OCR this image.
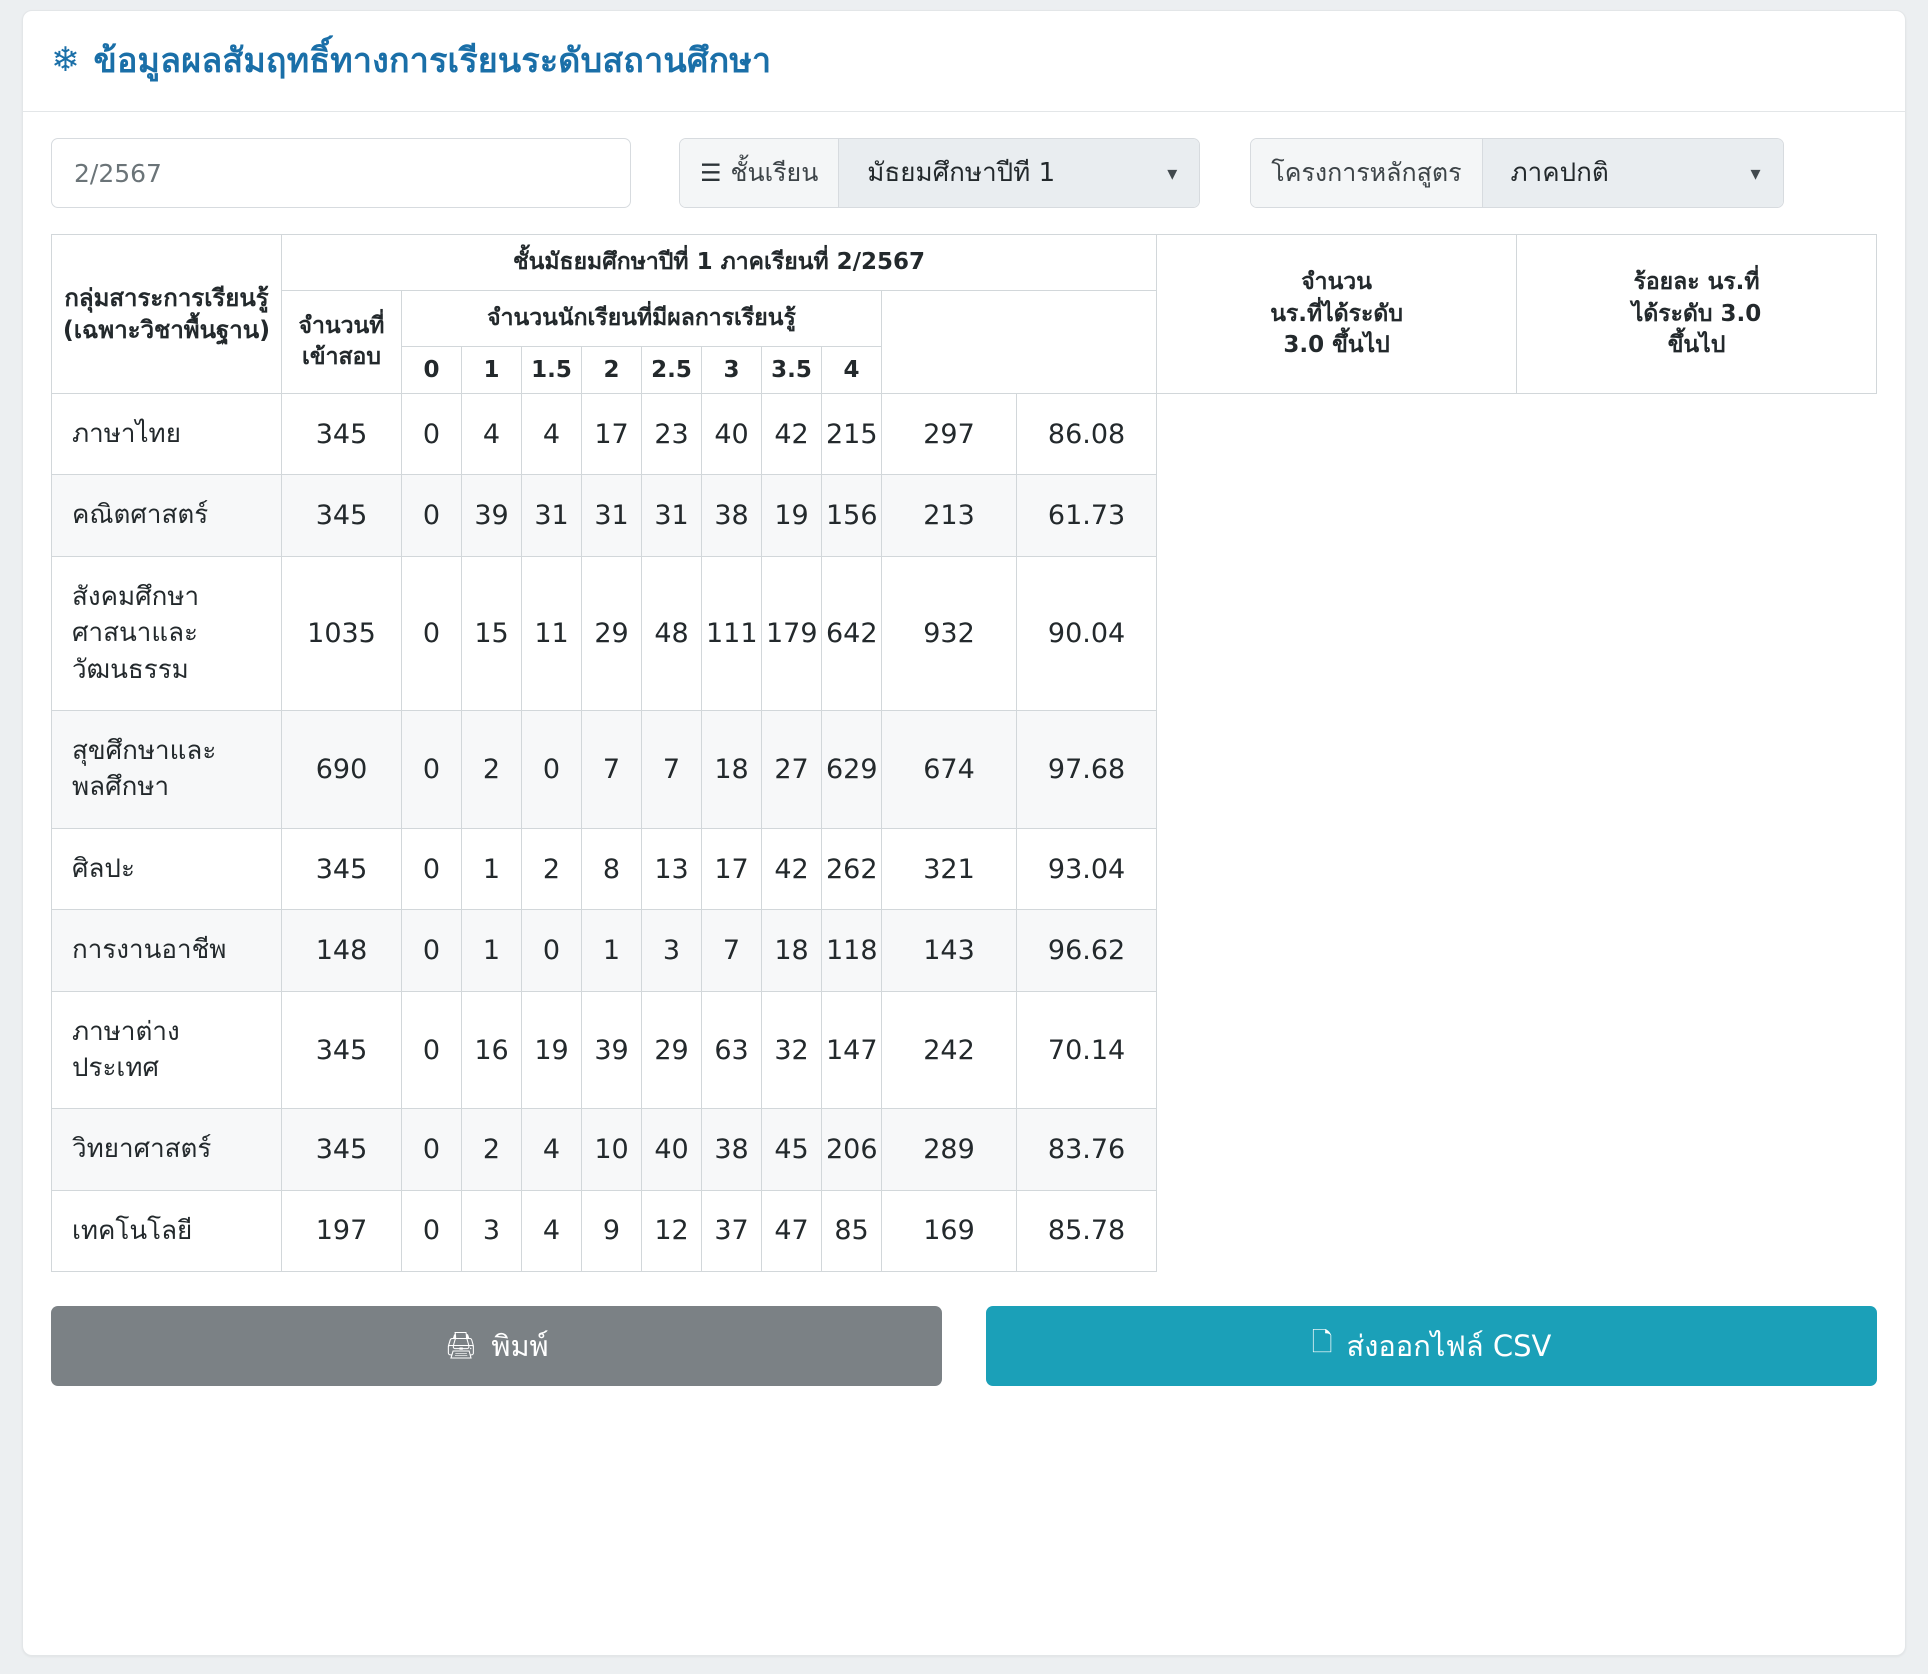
❄ ข้อมูลผลสัมฤทธิ์ทางการเรียนระดับสถานศึกษา
2/2567
☰ ชั้นเรียน
มัธยมศึกษาปีที่ 1	▾	โครงการหลักสูตร
ภาคปกติ	▾
กลุ่มสาระการเรียนรู้
(เฉพาะวิชาพื้นฐาน)
	ชั้นมัธยมศึกษาปีที่ 1 ภาคเรียนที่ 2/2567	
จำนวน
นร.ที่ได้ระดับ
3.0 ขึ้นไป

ร้อยละ นร.ที่
ได้ระดับ 3.0
ขึ้นไป

	จำนวนที่
เข้าสอบ	จำนวนนักเรียนที่มีผลการเรียนรู้											
		0	1	1.5	2	2.5	3	3.5	4				
ภาษาไทย	345	0	4	4	17	23	40	42	215	297	86.08		
คณิตศาสตร์	345	0	39	31	31	31	38	19	156	213	61.73		
สังคมศึกษา ศาสนาและวัฒนธรรม	1035	0	15	11	29	48	111	179	642	932	90.04		
สุขศึกษาและพลศึกษา	690	0	2	0	7	7	18	27	629	674	97.68		
ศิลปะ	345	0	1	2	8	13	17	42	262	321	93.04		
การงานอาชีพ	148	0	1	0	1	3	7	18	118	143	96.62		
ภาษาต่างประเทศ	345	0	16	19	39	29	63	32	147	242	70.14		
วิทยาศาสตร์	345	0	2	4	10	40	38	45	206	289	83.76		
เทคโนโลยี	197	0	3	4	9	12	37	47	85	169	85.78		
🖨 พิมพ์	🗋 ส่งออกไฟล์ CSV
